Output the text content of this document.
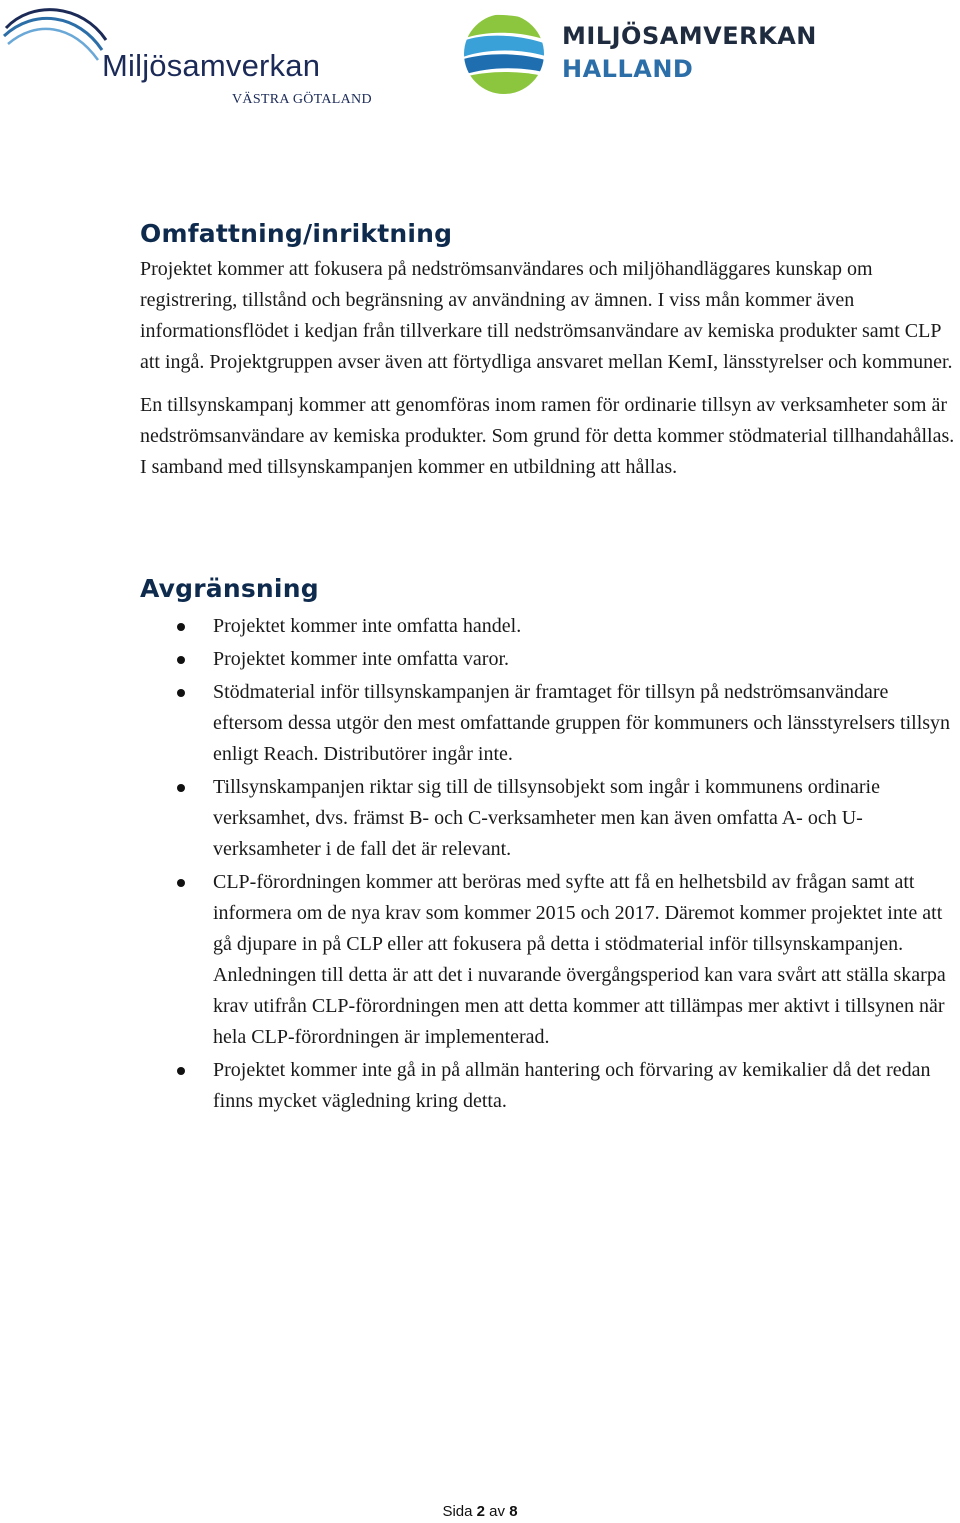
Miljösamverkan
VÄSTRA GÖTALAND
MILJÖSAMVERKAN
HALLAND
Omfattning/inriktning

Projektet kommer att fokusera på nedströmsanvändares och miljöhandläggares kunskap om registrering, tillstånd och begränsning av användning av ämnen. I viss mån kommer även informationsflödet i kedjan från tillverkare till nedströmsanvändare av kemiska produkter samt CLP att ingå. Projektgruppen avser även att förtydliga ansvaret mellan KemI, länsstyrelser och kommuner.

En tillsynskampanj kommer att genomföras inom ramen för ordinarie tillsyn av verksamheter som är nedströmsanvändare av kemiska produkter. Som grund för detta kommer stödmaterial tillhandahållas. I samband med tillsynskampanjen kommer en utbildning att hållas.

Avgränsning
Projektet kommer inte omfatta handel.
Projektet kommer inte omfatta varor.
Stödmaterial inför tillsynskampanjen är framtaget för tillsyn på nedströmsanvändare eftersom dessa utgör den mest omfattande gruppen för kommuners och länsstyrelsers tillsyn enligt Reach. Distributörer ingår inte.
Tillsynskampanjen riktar sig till de tillsynsobjekt som ingår i kommunens ordinarie verksamhet, dvs. främst B- och C-verksamheter men kan även omfatta A- och U-verksamheter i de fall det är relevant.
CLP-förordningen kommer att beröras med syfte att få en helhetsbild av frågan samt att informera om de nya krav som kommer 2015 och 2017. Däremot kommer projektet inte att gå djupare in på CLP eller att fokusera på detta i stödmaterial inför tillsynskampanjen. Anledningen till detta är att det i nuvarande övergångsperiod kan vara svårt att ställa skarpa krav utifrån CLP-förordningen men att detta kommer att tillämpas mer aktivt i tillsynen när hela CLP-förordningen är implementerad.
Projektet kommer inte gå in på allmän hantering och förvaring av kemikalier då det redan finns mycket vägledning kring detta.
Sida 2 av 8
